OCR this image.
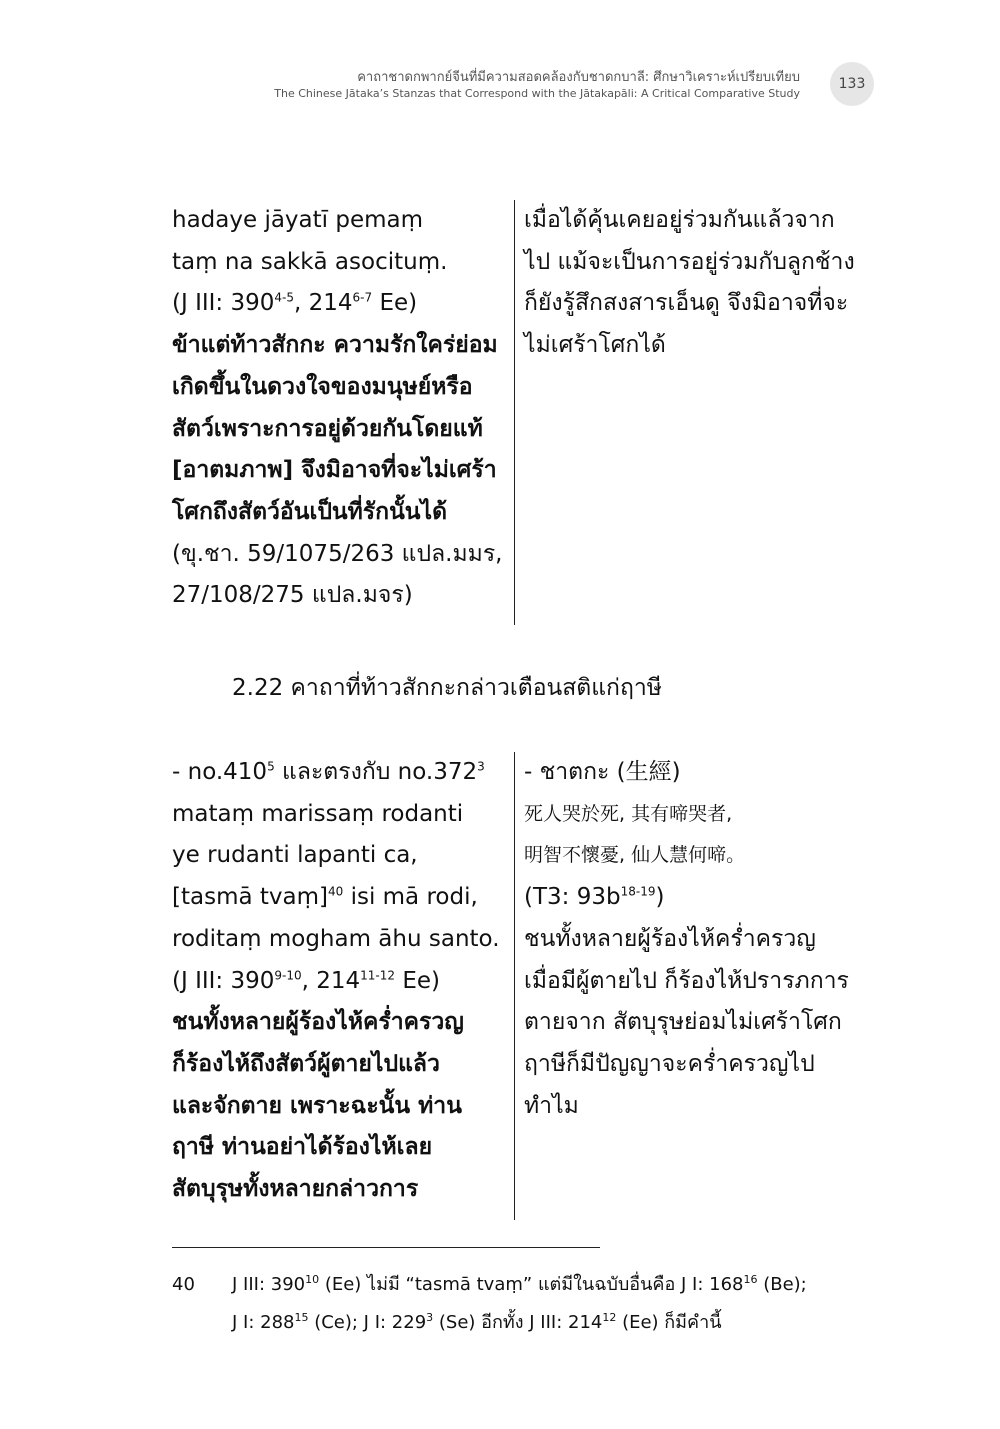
คาถาชาดกพากย์จีนที่มีความสอดคล้องกับชาดกบาลี: ศึกษาวิเคราะห์เปรียบเทียบ
The Chinese Jātaka’s Stanzas that Correspond with the Jātakapāli: A Critical Comparative Study
133
hadaye jāyatī pemaṃ
taṃ na sakkā asocituṃ.
(J III: 390$^{4-5}$, 214$^{6-7}$ Ee)
ข้าแต่ท้าวสักกะ ความรักใคร่ย่อม
เกิดขึ้นในดวงใจของมนุษย์หรือ
สัตว์เพราะการอยู่ด้วยกันโดยแท้
[อาตมภาพ] จึงมิอาจที่จะไม่เศร้า
โศกถึงสัตว์อันเป็นที่รักนั้นได้
(ขุ.ชา. 59/1075/263 แปล.มมร,
27/108/275 แปล.มจร)
เมื่อได้คุ้นเคยอยู่ร่วมกันแล้วจาก
ไป แม้จะเป็นการอยู่ร่วมกับลูกช้าง
ก็ยังรู้สึกสงสารเอ็นดู จึงมิอาจที่จะ
ไม่เศร้าโศกได้
2.22 คาถาที่ท้าวสักกะกล่าวเตือนสติแก่ฤาษี
- no.410$^5$ และตรงกับ no.372$^3$
mataṃ marissaṃ rodanti
ye rudanti lapanti ca,
[tasmā tvaṃ]$^{40}$ isi mā rodi,
roditaṃ mogham āhu santo.
(J III: 390$^{9-10}$, 214$^{11-12}$ Ee)
ชนทั้งหลายผู้ร้องไห้คร่ำครวญ
ก็ร้องไห้ถึงสัตว์ผู้ตายไปแล้ว
และจักตาย เพราะฉะนั้น ท่าน
ฤาษี ท่านอย่าได้ร้องไห้เลย
สัตบุรุษทั้งหลายกล่าวการ
- ชาตกะ (生經)
死人哭於死, 其有啼哭者,
明智不懷憂, 仙人慧何啼。
(T3: $93b^{18-19}$)
ชนทั้งหลายผู้ร้องไห้คร่ำครวญ
เมื่อมีผู้ตายไป ก็ร้องไห้ปรารภการ
ตายจาก สัตบุรุษย่อมไม่เศร้าโศก
ฤาษีก็มีปัญญาจะคร่ำครวญไป
ทำไม
40 J III: $390^{10}$ (Ee) ไม่มี “tasmā tvaṃ” แต่มีในฉบับอื่นคือ J I: $168^{16}$ (Be);
J I: $288^{15}$ (Ce); J I: $229^3$ (Se) อีกทั้ง J III: $214^{12}$ (Ee) ก็มีคำนี้
